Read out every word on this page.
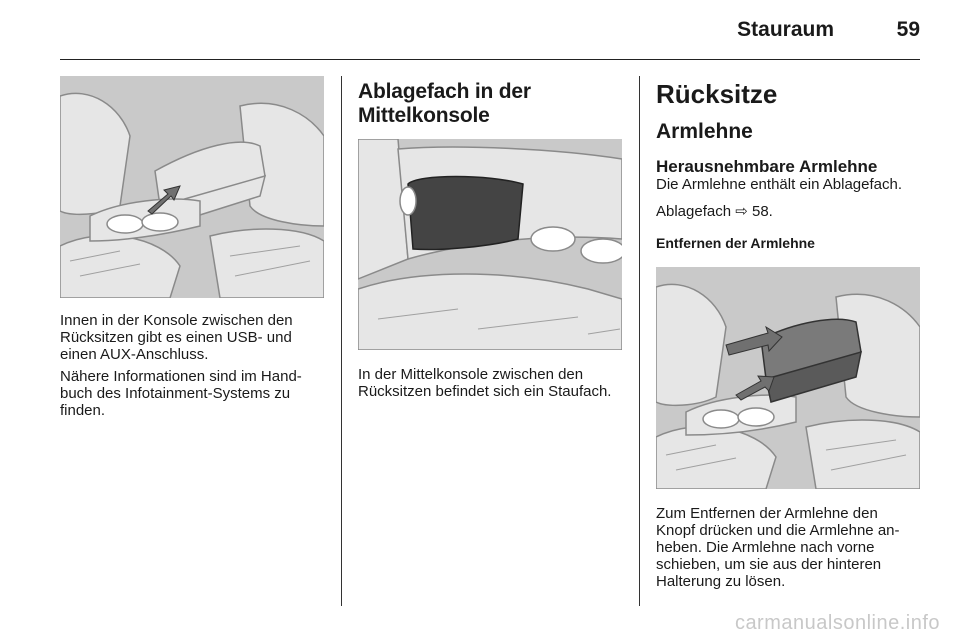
Stauraum	59

Innen in der Konsole zwischen den Rücksitzen gibt es einen USB- und einen AUX-Anschluss.

Nähere Informationen sind im Handbuch des Infotainment-Systems zu finden.

Ablagefach in der Mittelkonsole

In der Mittelkonsole zwischen den Rücksitzen befindet sich ein Staufach.

Rücksitze
Armlehne
Herausnehmbare Armlehne

Die Armlehne enthält ein Ablagefach.

Ablagefach ⇨ 58.

Entfernen der Armlehne

Zum Entfernen der Armlehne den Knopf drücken und die Armlehne anheben. Die Armlehne nach vorne schieben, um sie aus der hinteren Halterung zu lösen.

carmanualsonline.info
